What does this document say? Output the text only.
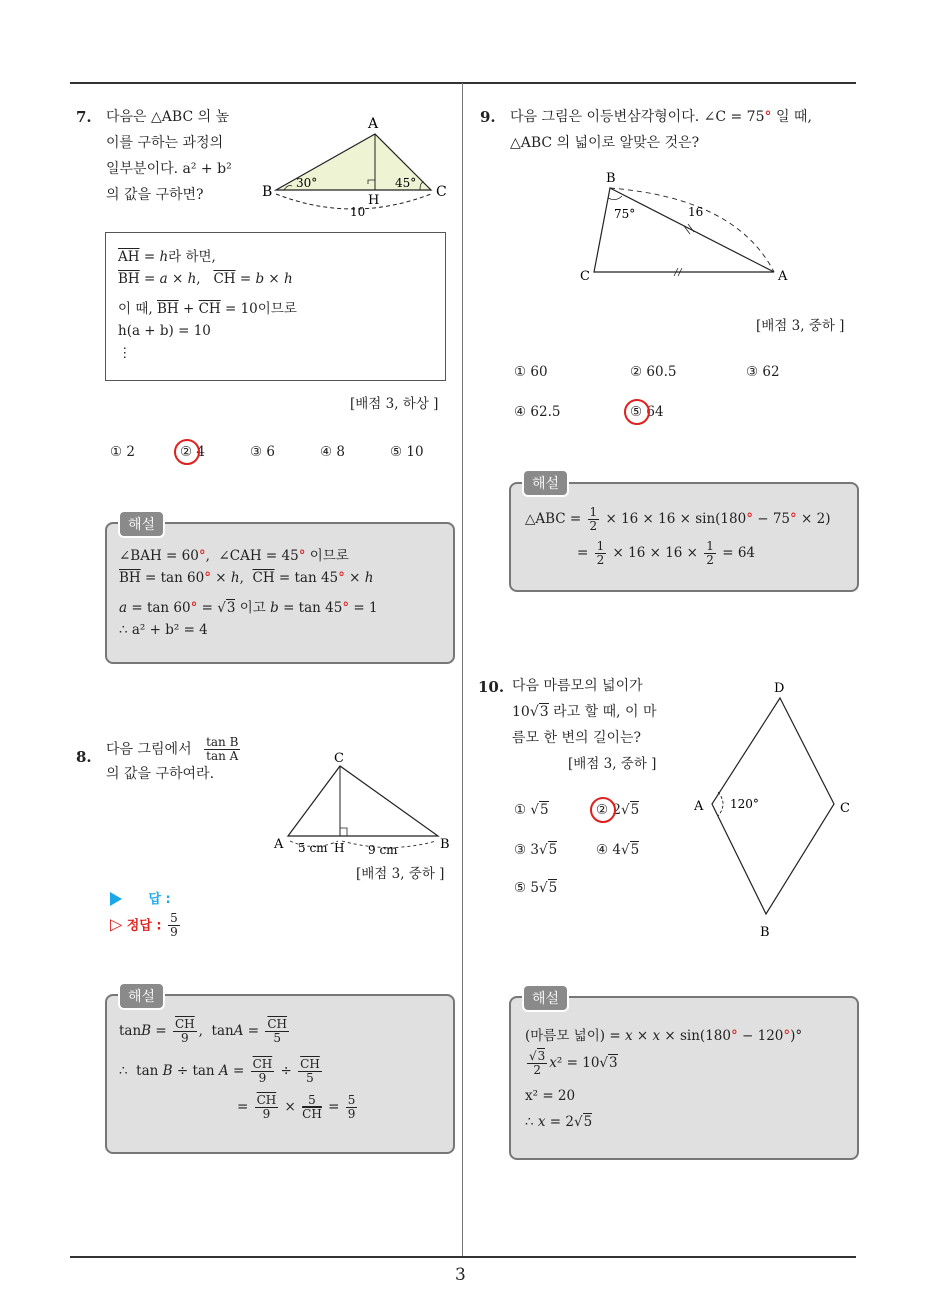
3
7. 다음은 △ABC 의 높
이를 구하는 과정의
일부분이다. a² + b²
의 값을 구하면?
A
B	C
H
30°	45°
10
$\overline{AH} = h$라 하면,
$\overline{BH} = a \times h$,   $\overline{CH} = b \times h$
이 때, $\overline{BH} + \overline{CH} = 10$이므로
h(a + b) = 10
⋮
[배점 3, 하상 ]
① 2	② 4	③ 6	④ 8	⑤ 10
∠BAH = 60°,  ∠CAH = 45° 이므로
$\overline{BH} = \tan 60^\circ \times h$,  $\overline{CH} = \tan 45^\circ \times h$
a = tan 60° = √3 이고 b = tan 45° = 1
∴ a² + b² = 4
해설
8. 다음 그림에서 $\frac{\text{tan B}}{\text{tan A}}$
의 값을 구하여라.
C
A	B
H
5 cm	9 cm
[배점 3, 중하 ]
답 :
▷ 정답 : $\frac{5}{9}$
$\tan B = \frac{\overline{CH}}{9}$ ,  $\tan A = \frac{\overline{CH}}{5}$
∴  $\tan B \div \tan A = \frac{\overline{CH}}{9} \div \frac{\overline{CH}}{5}$
= $\frac{\overline{CH}}{9} \times \frac{5}{CH} = \frac{5}{9}$
해설
9. 다음 그림은 이등변삼각형이다. ∠C = 75° 일 때,
△ABC 의 넓이로 알맞은 것은?
B
C	A
75°	16
[배점 3, 중하 ]
① 60	② 60.5	③ 62
④ 62.5	⑤ 64
△ABC = $\frac{1}{2} \times 16 \times 16 \times \sin(180^\circ - 75^\circ \times 2)$
= $\frac{1}{2} \times 16 \times 16 \times \frac{1}{2} = 64$
해설
10. 다음 마름모의 넓이가
10√3 라고 할 때, 이 마
름모 한 변의 길이는?
[배점 3, 중하 ]
D
A	C
B
120°
① √5	② 2√5
③ 3√5	④ 4√5
⑤ 5√5
(마름모 넓이) = x × x × sin(180° − 120°)°
$\frac{√3}{2} x^2 = 10√3$
x² = 20
∴ x = 2√5
해설
